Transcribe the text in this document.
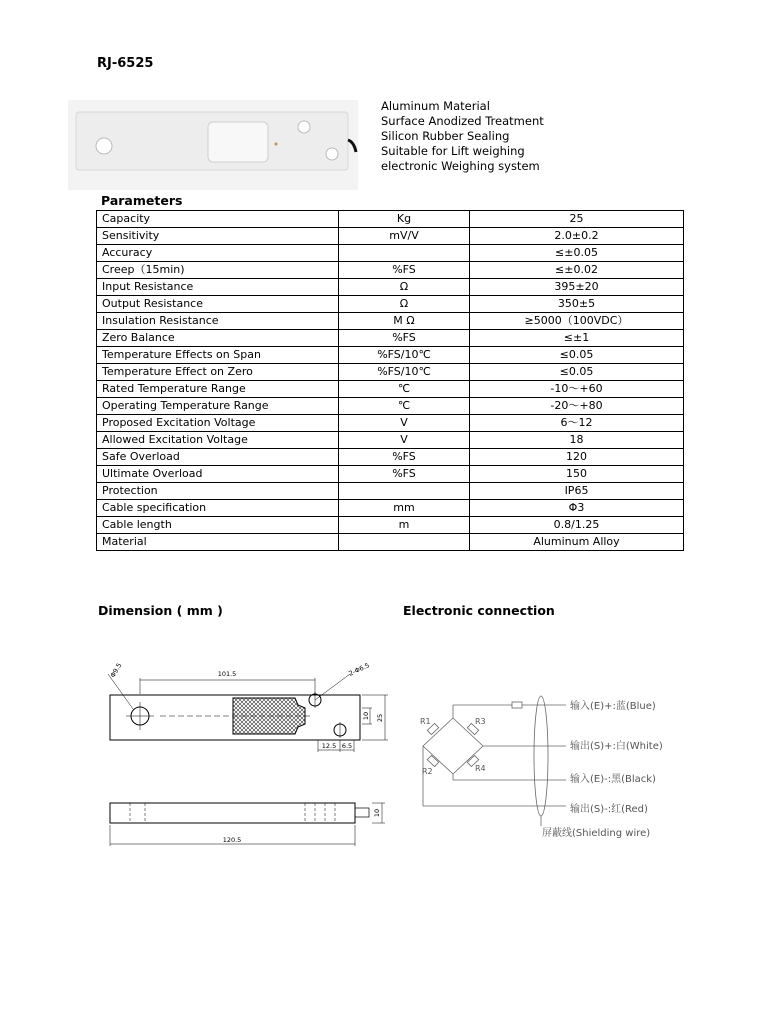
RJ-6525
Aluminum Material
Surface Anodized Treatment
Silicon Rubber Sealing
Suitable for Lift weighing
electronic Weighing system
Parameters
Capacity	Kg	25
Sensitivity	mV/V	2.0±0.2
Accuracy		≤±0.05
Creep（15min)	%FS	≤±0.02
Input Resistance	Ω	395±20
Output Resistance	Ω	350±5
Insulation Resistance	M Ω	≥5000（100VDC）
Zero Balance	%FS	≤±1
Temperature Effects on Span	%FS/10℃	≤0.05
Temperature Effect on Zero	%FS/10℃	≤0.05
Rated Temperature Range	℃	-10～+60
Operating Temperature Range	℃	-20～+80
Proposed Excitation Voltage	V	6～12
Allowed Excitation Voltage	V	18
Safe Overload	%FS	120
Ultimate Overload	%FS	150
Protection		IP65
Cable specification	mm	Φ3
Cable length	m	0.8/1.25
Material		Aluminum Alloy
Dimension ( mm )	Electronic connection
101.5
Φ9.5	2-Φ6.5
10 25
12.5 6.5
10
120.5
R1	R3
R2	R4
输入(E)+:蓝(Blue)
输出(S)+:白(White)
输入(E)-:黑(Black)
输出(S)-:红(Red)
屏蔽线(Shielding wire)
